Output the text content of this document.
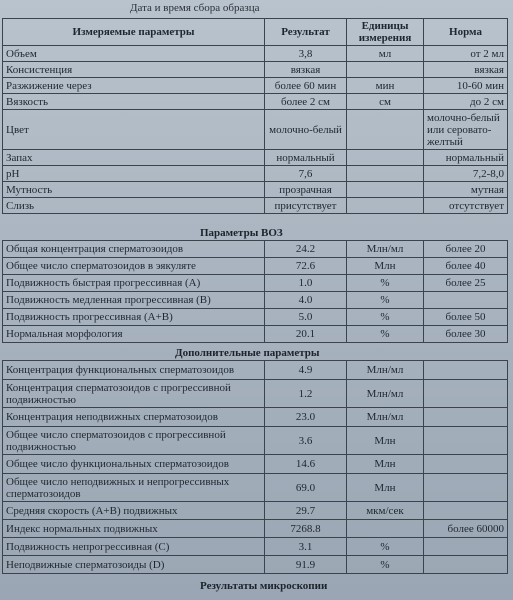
Дата и время сбора образца
Измеряемые параметры	Результат	Единицы измерения	Норма
Объем	3,8	мл	от 2 мл
Консистенция	вязкая		вязкая
Разжижение через	более 60 мин	мин	10-60 мин
Вязкость	более 2 см	см	до 2 см
Цвет	молочно-белый		молочно-белый или серовато-желтый
Запах	нормальный		нормальный
pH	7,6		7,2-8,0
Мутность	прозрачная		мутная
Слизь	присутствует		отсутствует
Параметры ВОЗ
Общая концентрация сперматозоидов	24.2	Млн/мл	более 20
Общее число сперматозоидов в эякуляте	72.6	Млн	более 40
Подвижность быстрая прогрессивная (А)	1.0	%	более 25
Подвижность медленная прогрессивная (В)	4.0	%	
Подвижность прогрессивная (А+В)	5.0	%	более 50
Нормальная морфология	20.1	%	более 30
Дополнительные параметры
Концентрация функциональных сперматозоидов	4.9	Млн/мл	
Концентрация сперматозоидов с прогрессивной подвижностью	1.2	Млн/мл	
Концентрация неподвижных сперматозоидов	23.0	Млн/мл	
Общее число сперматозоидов с прогрессивной подвижностью	3.6	Млн	
Общее число функциональных сперматозоидов	14.6	Млн	
Общее число неподвижных и непрогрессивных сперматозоидов	69.0	Млн	
Средняя скорость (А+В) подвижных	29.7	мкм/сек	
Индекс нормальных подвижных	7268.8		более 60000
Подвижность непрогрессивная (С)	3.1	%	
Неподвижные сперматозоиды (D)	91.9	%	
Результаты микроскопии
